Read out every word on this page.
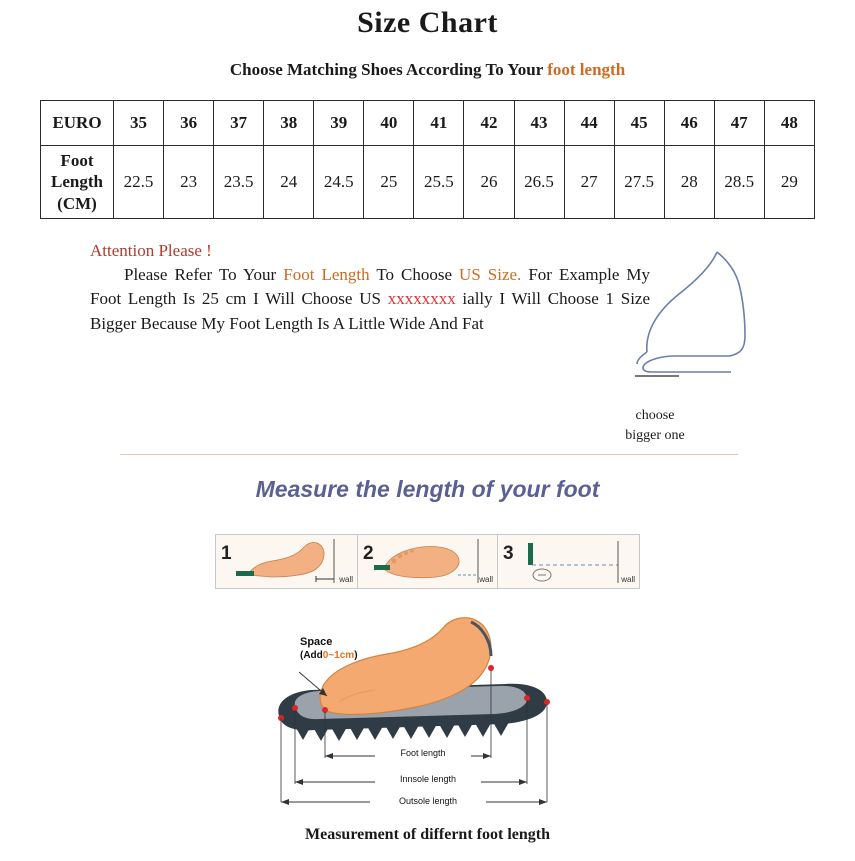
Size Chart
Choose Matching Shoes According To Your foot length
EURO	35	36	37	38	39	40	41	42	43	44	45	46	47	48

Foot
Length
(CM)	22.5	23	23.5	24	24.5	25	25.5	26	26.5	27	27.5	28	28.5	29
Attention Please !

Please Refer To Your Foot Length To Choose US Size. For Example My Foot Length Is 25 cm I Will Choose US xxxxxxxx ially I Will Choose 1 Size Bigger Because My Foot Length Is A Little Wide And Fat

choose
bigger one
Measure the length of your foot
1
wall
2
wall
3
wall
Space
(Add0~1cm)
Foot length
Innsole length
Outsole length
Measurement of differnt foot length
